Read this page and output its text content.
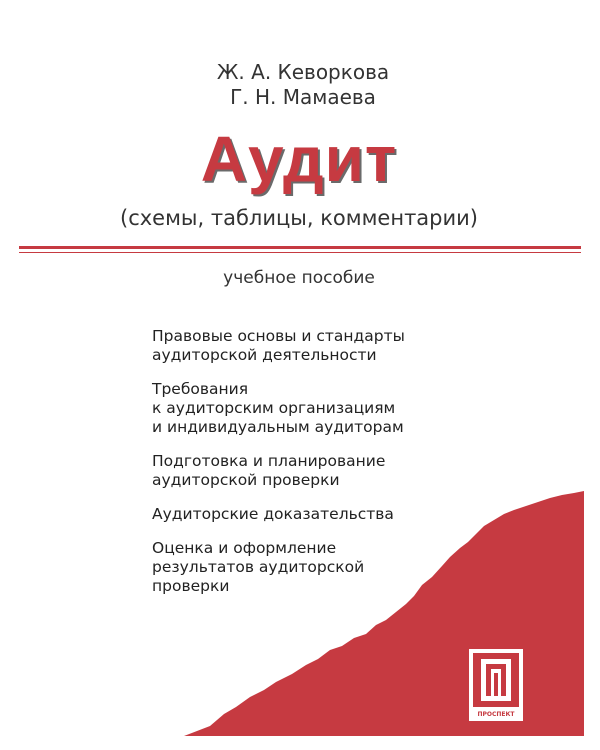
Ж. А. Кеворкова
Г. Н. Мамаева
Аудит
(схемы, таблицы, комментарии)
учебное пособие
Правовые основы и стандарты
аудиторской деятельности
Требования
к аудиторским организациям
и индивидуальным аудиторам
Подготовка и планирование
аудиторской проверки
Аудиторские доказательства
Оценка и оформление
результатов аудиторской
проверки
ПРОСПЕКТ
